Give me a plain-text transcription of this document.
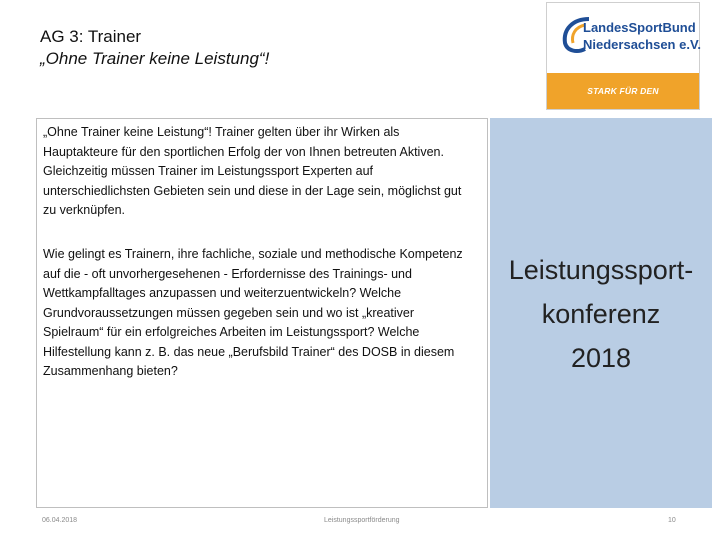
AG 3: Trainer
„Ohne Trainer keine Leistung“!
LandesSportBund
Niedersachsen e.V.
STARK FÜR DEN

„Ohne Trainer keine Leistung“! Trainer gelten über ihr Wirken als Hauptakteure für den sportlichen Erfolg der von Ihnen betreuten Aktiven. Gleichzeitig müssen Trainer im Leistungssport Experten auf unterschiedlichsten Gebieten sein und diese in der Lage sein, möglichst gut zu verknüpfen.

Wie gelingt es Trainern, ihre fachliche, soziale und methodische Kompetenz auf die - oft unvorhergesehenen - Erfordernisse des Trainings- und Wettkampfalltages anzupassen und weiterzuentwickeln? Welche Grundvoraussetzungen müssen gegeben sein und wo ist „kreativer Spielraum“ für ein erfolgreiches Arbeiten im Leistungssport? Welche Hilfestellung kann z. B. das neue „Berufsbild Trainer“ des DOSB in diesem Zusammenhang bieten?

Leistungssport-
konferenz
2018
06.04.2018	Leistungssportförderung	10
